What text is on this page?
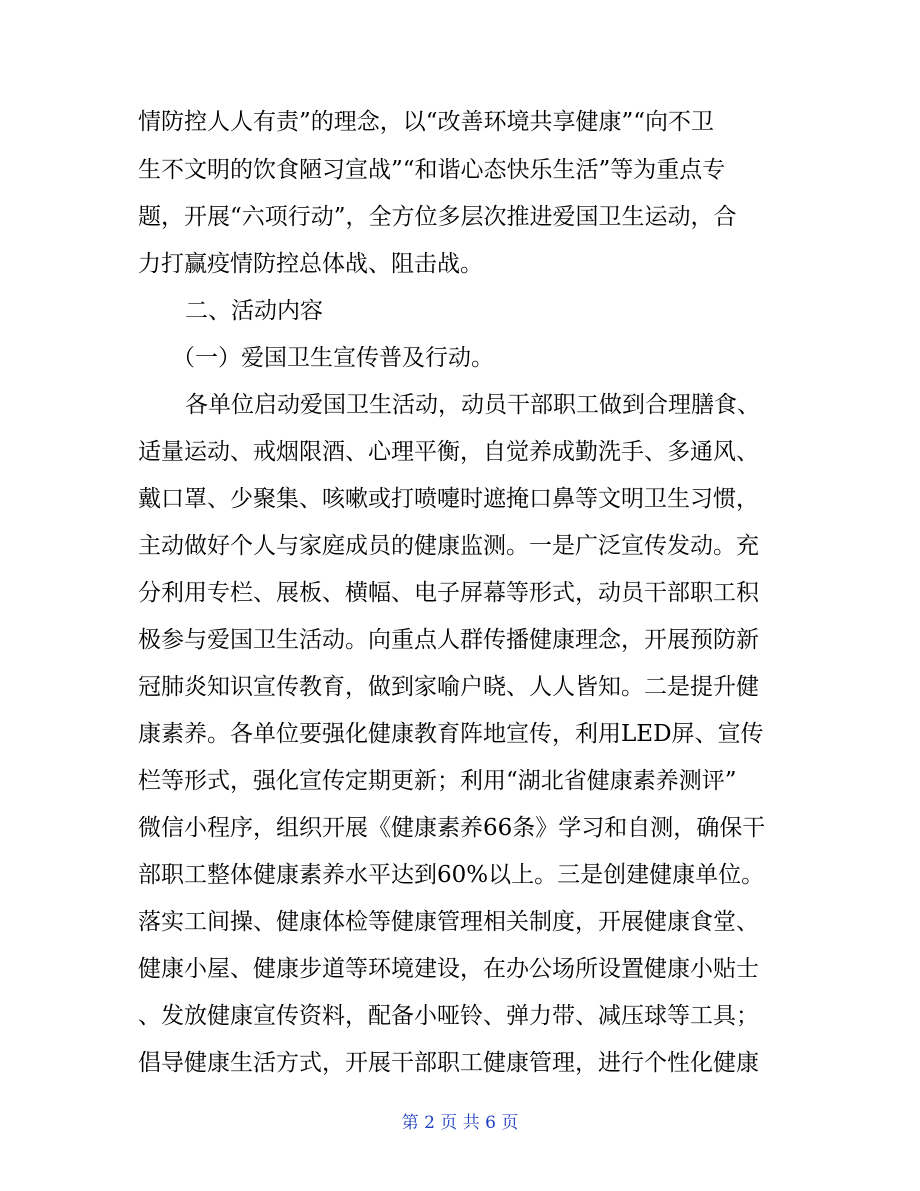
情防控人人有责”的理念，以“改善环境共享健康”“向不卫
生不文明的饮食陋习宣战”“和谐心态快乐生活”等为重点专
题，开展“六项行动”，全方位多层次推进爱国卫生运动，合
力打赢疫情防控总体战、阻击战。
二、活动内容
（一）爱国卫生宣传普及行动。
各单位启动爱国卫生活动，动员干部职工做到合理膳食、
适量运动、戒烟限酒、心理平衡，自觉养成勤洗手、多通风、
戴口罩、少聚集、咳嗽或打喷嚏时遮掩口鼻等文明卫生习惯，
主动做好个人与家庭成员的健康监测。一是广泛宣传发动。充
分利用专栏、展板、横幅、电子屏幕等形式，动员干部职工积
极参与爱国卫生活动。向重点人群传播健康理念，开展预防新
冠肺炎知识宣传教育，做到家喻户晓、人人皆知。二是提升健
康素养。各单位要强化健康教育阵地宣传，利用LED屏、宣传
栏等形式，强化宣传定期更新；利用“湖北省健康素养测评”
微信小程序，组织开展《健康素养66条》学习和自测，确保干
部职工整体健康素养水平达到60%以上。三是创建健康单位。
落实工间操、健康体检等健康管理相关制度，开展健康食堂、
健康小屋、健康步道等环境建设，在办公场所设置健康小贴士
、发放健康宣传资料，配备小哑铃、弹力带、减压球等工具；
倡导健康生活方式，开展干部职工健康管理，进行个性化健康
第 2 页 共 6 页
